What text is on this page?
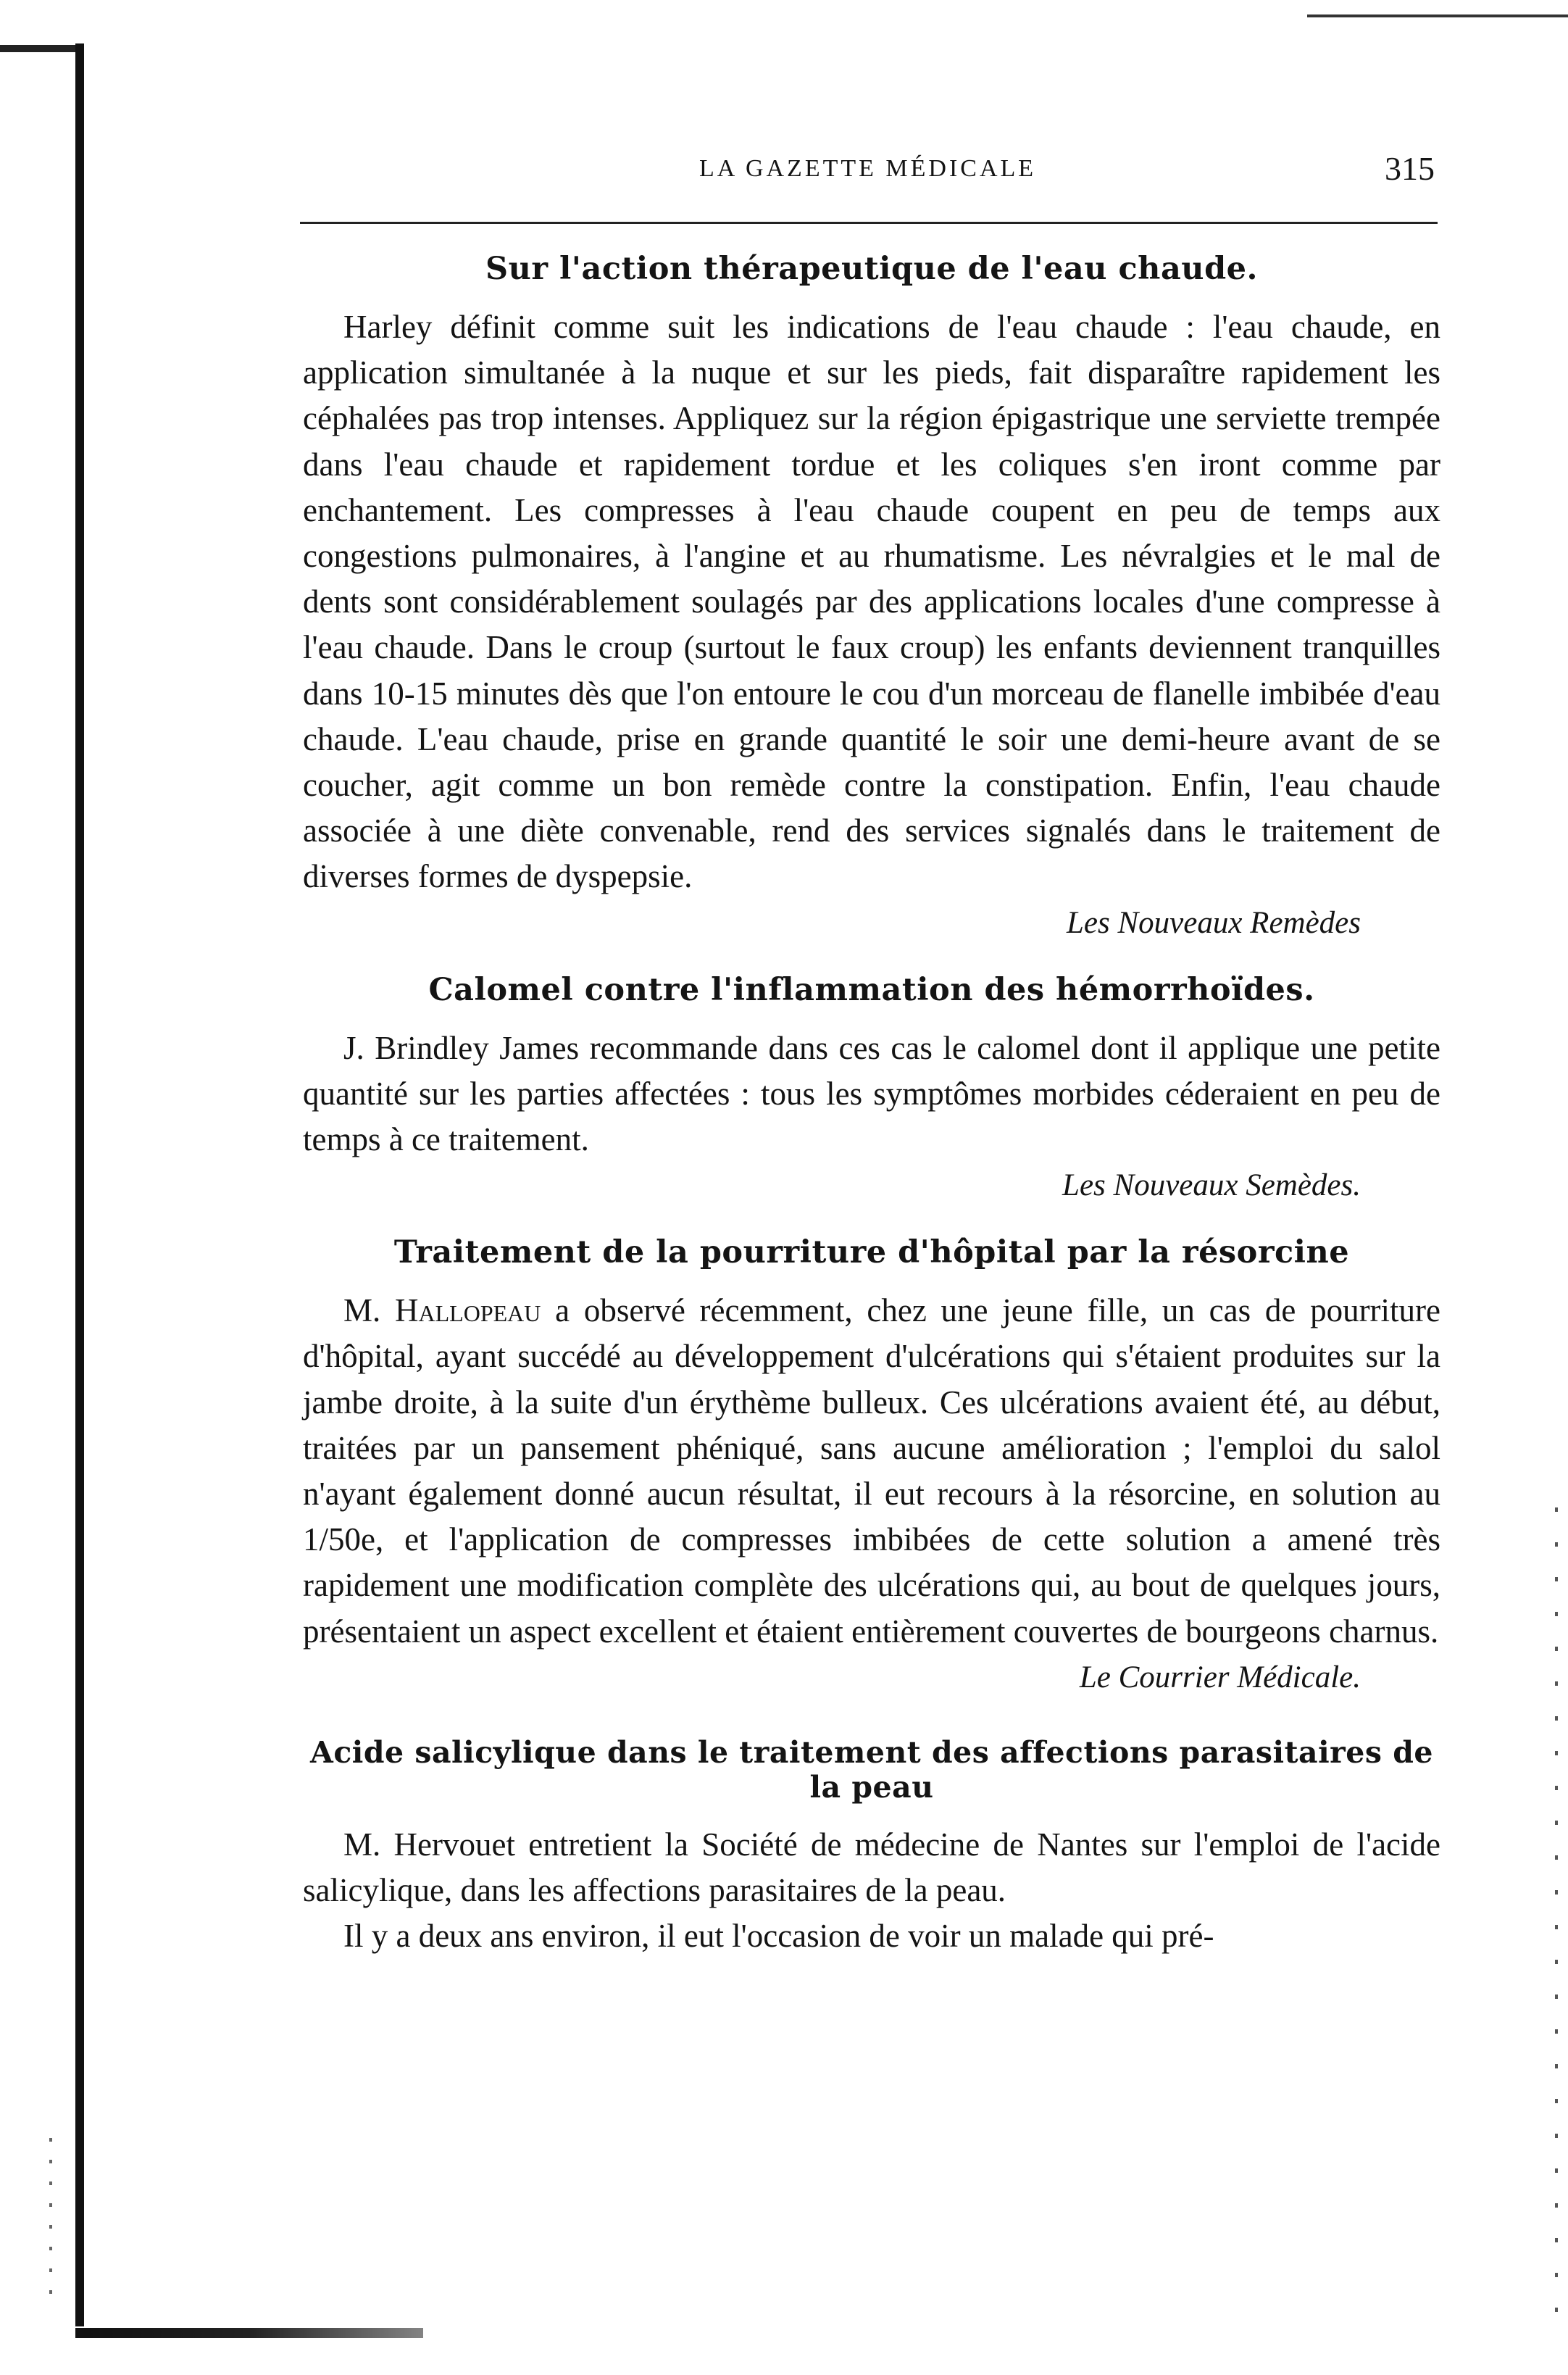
LA GAZETTE MÉDICALE	315
Sur l'action thérapeutique de l'eau chaude.

Harley définit comme suit les indications de l'eau chaude : l'eau chaude, en application simultanée à la nuque et sur les pieds, fait disparaître rapidement les céphalées pas trop intenses. Appliquez sur la région épigastrique une serviette trempée dans l'eau chaude et rapidement tordue et les coliques s'en iront comme par enchantement. Les compresses à l'eau chaude coupent en peu de temps aux congestions pulmonaires, à l'angine et au rhumatisme. Les névralgies et le mal de dents sont considérablement soulagés par des applications locales d'une compresse à l'eau chaude. Dans le croup (surtout le faux croup) les enfants deviennent tranquilles dans 10-15 minutes dès que l'on entoure le cou d'un morceau de flanelle imbibée d'eau chaude. L'eau chaude, prise en grande quantité le soir une demi-heure avant de se coucher, agit comme un bon remède contre la constipation. Enfin, l'eau chaude associée à une diète convenable, rend des services signalés dans le traitement de diverses formes de dyspepsie.

Les Nouveaux Remèdes

Calomel contre l'inflammation des hémorrhoïdes.

J. Brindley James recommande dans ces cas le calomel dont il applique une petite quantité sur les parties affectées : tous les symptômes morbides céderaient en peu de temps à ce traitement.

Les Nouveaux Semèdes.

Traitement de la pourriture d'hôpital par la résorcine

M. Hallopeau a observé récemment, chez une jeune fille, un cas de pourriture d'hôpital, ayant succédé au développement d'ulcérations qui s'étaient produites sur la jambe droite, à la suite d'un érythème bulleux. Ces ulcérations avaient été, au début, traitées par un pansement phéniqué, sans aucune amélioration ; l'emploi du salol n'ayant également donné aucun résultat, il eut recours à la résorcine, en solution au 1/50e, et l'application de compresses imbibées de cette solution a amené très rapidement une modification complète des ulcérations qui, au bout de quelques jours, présentaient un aspect excellent et étaient entièrement couvertes de bourgeons charnus.

Le Courrier Médicale.

Acide salicylique dans le traitement des affections parasitaires de la peau

M. Hervouet entretient la Société de médecine de Nantes sur l'emploi de l'acide salicylique, dans les affections parasitaires de la peau.

Il y a deux ans environ, il eut l'occasion de voir un malade qui pré-
